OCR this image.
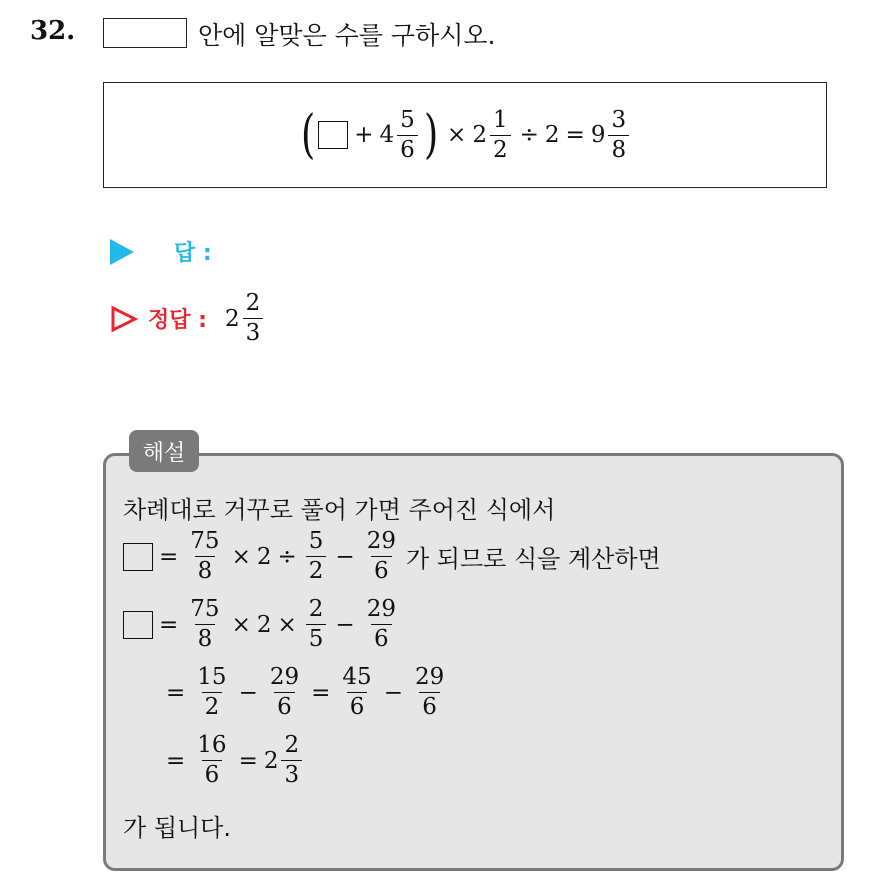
32.	안에 알맞은 수를 구하시오.
( + $4 \frac{5}{6}$ ) × $2 \frac{1}{2} \div 2 = 9 \frac{3}{8}$
답 :
정답 : $2 \frac{2}{3}$
해설
차례대로 거꾸로 풀어 가면 주어진 식에서
= $\frac{75}{8} \times 2 \div \frac{5}{2} - \frac{29}{6}$ 가 되므로 식을 계산하면
= $\frac{75}{8} \times 2 \times \frac{2}{5} - \frac{29}{6}$
= $\frac{15}{2} - \frac{29}{6} = \frac{45}{6} - \frac{29}{6}$
= $\frac{16}{6} = 2 \frac{2}{3}$
가 됩니다.
